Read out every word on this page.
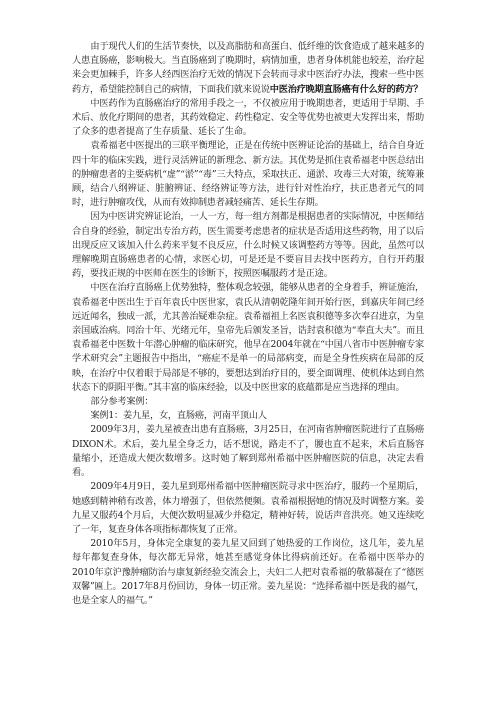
由于现代人们的生活节奏快，以及高脂肪和高蛋白、低纤维的饮食造成了越来越多的人患直肠癌，影响极大。当直肠癌到了晚期时，病情加重，患者身体机能也较差，治疗起来会更加棘手，许多人经西医治疗无效的情况下会转而寻求中医治疗办法，搜索一些中医药方，希望能控制自己的病情，下面我们就来说说中医治疗晚期直肠癌有什么好的药方？

中医药作为直肠癌治疗的常用手段之一，不仅被应用于晚期患者，更适用于早期、手术后、放化疗期间的患者，其药效稳定、药性稳定、安全等优势也被更大发挥出来，帮助了众多的患者提高了生存质量、延长了生命。

袁希福老中医提出的三联平衡理论，正是在传统中医辨证论治的基础上，结合自身近四十年的临床实践，进行灵活辨证的新理念、新方法。其优势是抓住袁希福老中医总结出的肿瘤患者的主要病机“虚”“淤”“毒”三大特点，采取扶正、通淤、攻毒三大对策，统筹兼顾，结合八纲辨证、脏腑辨证、经络辨证等方法，进行针对性治疗，扶正患者元气的同时，进行肿瘤攻伐，从而有效抑制患者减轻痛苦、延长生存期。

因为中医讲究辨证论治，一人一方，每一组方剂都是根据患者的实际情况，中医师结合自身的经验，制定出专治方药，医生需要考虑患者的症状是否适用这些药物，用了以后出现反应又该加入什么药来平复不良反应，什么时候又该调整药方等等。因此，虽然可以理解晚期直肠癌患者的心情，求医心切，可是还是不要盲目去找中医药方，自行开药服药，要找正规的中医师在医生的诊断下，按照医嘱服药才是正途。

中医在治疗直肠癌上优势独特，整体观念较强，能够从患者的全身着手，辨证施治，袁希福老中医出生于百年袁氏中医世家，袁氏从清朝乾隆年间开始行医，到嘉庆年间已经远近闻名，独成一派，尤其善治疑难杂症。袁希福祖上名医袁积德等多次奉召进京，为皇亲国戚治病。同治十年、光绪元年，皇帝先后颁发圣旨，诰封袁积德为“奉直大夫”。而且袁希福老中医数十年潜心肿瘤的临床研究，他早在2004年就在“中国八省市中医肿瘤专家学术研究会”主题报告中指出，“癌症不是单一的局部病变，而是全身性疾病在局部的反映，在治疗中仅着眼于局部是不够的，要想达到治疗目的，要全面调理、使机体达到自然状态下的阴阳平衡。”其丰富的临床经验，以及中医世家的底蕴都是应当选择的理由。

部分参考案例：

案例1：姜九星，女，直肠癌，河南平顶山人

2009年3月，姜九星被查出患有直肠癌，3月25日，在河南省肿瘤医院进行了直肠癌DIXON术。术后，姜九星全身乏力，话不想说，路走不了，腰也直不起来，术后直肠容量缩小，还造成大便次数增多。这时她了解到郑州希福中医肿瘤医院的信息，决定去看看。

2009年4月9日，姜九星到郑州希福中医肿瘤医院寻求中医治疗，服药一个星期后，她感到精神稍有改善，体力增强了，但依然便频。袁希福根据她的情况及时调整方案。姜九星又服药4个月后，大便次数明显减少并稳定，精神好转，说话声音洪亮。她又连续吃了一年，复查身体各项指标都恢复了正常。

2010年5月，身体完全康复的姜九星又回到了她热爱的工作岗位，这几年，姜九星每年都复查身体，每次都无异常，她甚至感觉身体比得病前还好。在希福中医举办的2010年京沪豫肿瘤防治与康复新经验交流会上，夫妇二人把对袁希福的敬慕凝在了“德医双馨”匾上。2017年8月份回访，身体一切正常。姜九星说：“选择希福中医是我的福气，也是全家人的福气。”
